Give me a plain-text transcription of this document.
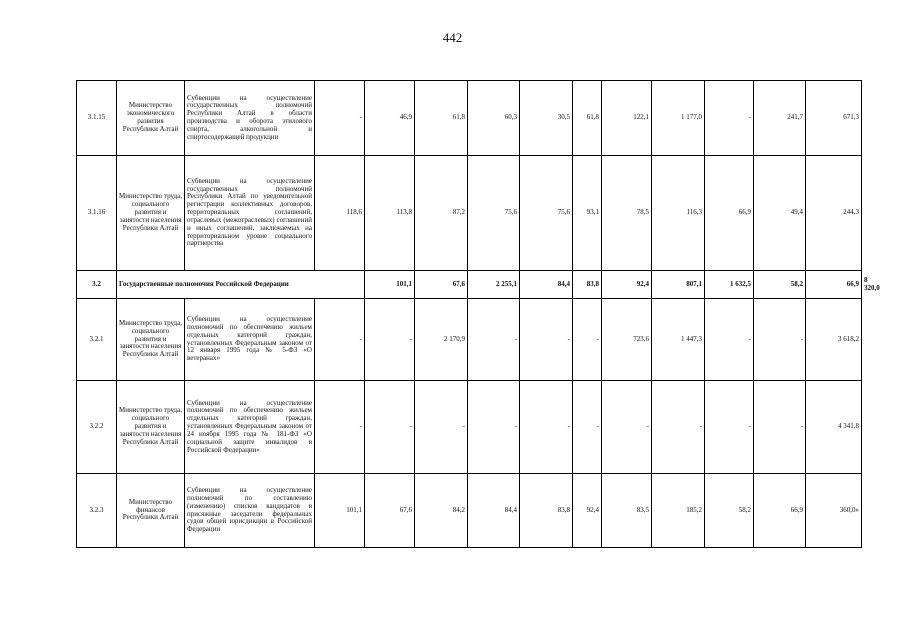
442
3.1.15	Министерство экономического развития Республики Алтай	Субвенции на осуществление государственных полномочий Республики Алтай в области производства и оборота этилового спирта, алкогольной и спиртосодержащей продукции	-	46,9	61,8	60,3	30,5	61,8	122,1	1 177,0	-	241,7	671,3	
3.1.16	Министерство труда, социального развития и занятости населения Республики Алтай	Субвенции на осуществление государственных полномочий Республики Алтай по уведомительной регистрации коллективных договоров, территориальных соглашений, отраслевых (межотраслевых) соглашений и иных соглашений, заключаемых на территориальном уровне социального партнерства	118,6	113,8	87,2	75,6	75,6	93,1	78,5	116,3	66,9	49,4	244,3	
3.2	Государственные полномочия Российской Федерации			101,1	67,6	2 255,1	84,4	83,8	92,4	807,1	1 632,5	58,2	66,9	8 320,0
3.2.1	Министерство труда, социального развития и занятости населения Республики Алтай	Субвенции на осуществление полномочий по обеспечению жильем отдельных категорий граждан, установленных Федеральным законом от 12 января 1995 года № 5-ФЗ «О ветеранах»	-	-	2 170,9	-	-	-	723,6	1 447,3	-	-	3 618,2	
3.2.2	Министерство труда, социального развития и занятости населения Республики Алтай	Субвенции на осуществление полномочий по обеспечению жильем отдельных категорий граждан, установленных Федеральным законом от 24 ноября 1995 года № 181-ФЗ «О социальной защите инвалидов в Российской Федерации»	-	-	-	-	-	-	-	-	-	-	4 341,8	
3.2.3	Министерство финансов Республики Алтай	Субвенции на осуществление полномочий по составлению (изменению) списков кандидатов в присяжные заседатели федеральных судов общей юрисдикции в Российской Федерации	101,1	67,6	84,2	84,4	83,8	92,4	83,5	185,2	58,2	66,9	360,0»	
